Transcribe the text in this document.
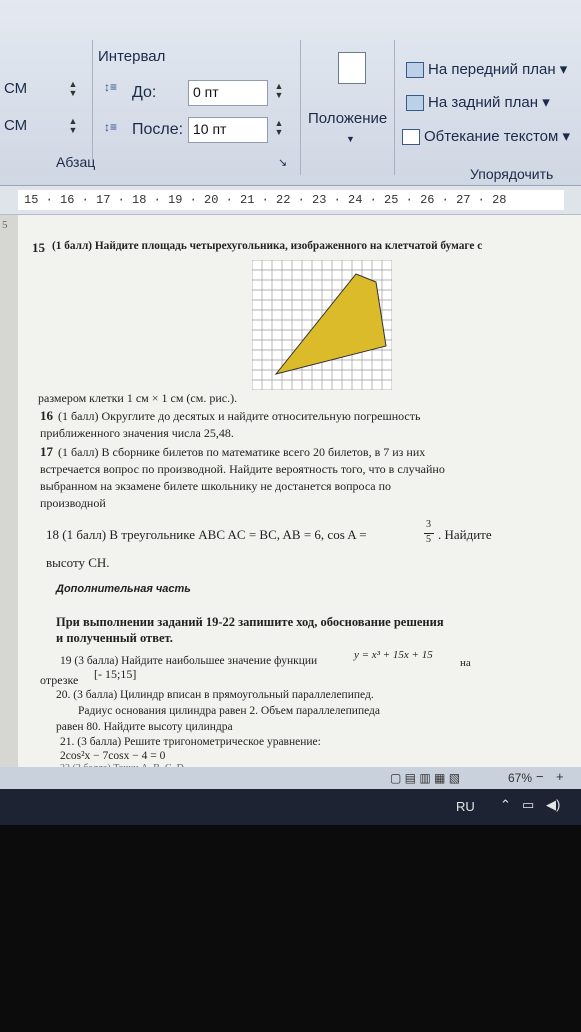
СМ	▲
▼
СМ	▲
▼
Интервал
↕≡ До:	0 пт	▲
▼
↕≡ После: 10 пт	▲
▼
Абзац	↘
Положение
▼
На передний план ▾
На задний план ▾
Обтекание текстом ▾
Упорядочить
15 · 16 · 17 · 18 · 19 · 20 · 21 · 22 · 23 · 24 · 25 · 26 · 27 · 28
5
15 (1 балл) Найдите площадь четырехугольника, изображенного на клетчатой бумаге с
размером клетки 1 см × 1 см (см. рис.).
16 (1 балл) Округлите до десятых и найдите относительную погрешность
приближенного значения числа 25,48.
17 (1 балл) В сборнике билетов по математике всего 20 билетов, в 7 из них
встречается вопрос по производной. Найдите вероятность того, что в случайно
выбранном на экзамене билете школьнику не достанется вопроса по
производной
18 (1 балл) В треугольнике ABC AC = BC, AB = 6, cos A =
3
5 . Найдите
высоту CH.
Дополнительная часть
При выполнении заданий 19-22 запишите ход, обоснование решения
и полученный ответ.
19 (3 балла) Найдите наибольшее значение функции	y = x³ + 15x + 15
на
отрезке [- 15;15]
20. (3 балла) Цилиндр вписан в прямоугольный параллелепипед.
Радиус основания цилиндра равен 2. Объем параллелепипеда
равен 80. Найдите высоту цилиндра
21. (3 балла) Решите тригонометрическое уравнение:
2cos²x − 7cosx − 4 = 0
▢ ▤ ▥ ▦ ▧	67% − +
RU ⌃ ▭ ◀)
